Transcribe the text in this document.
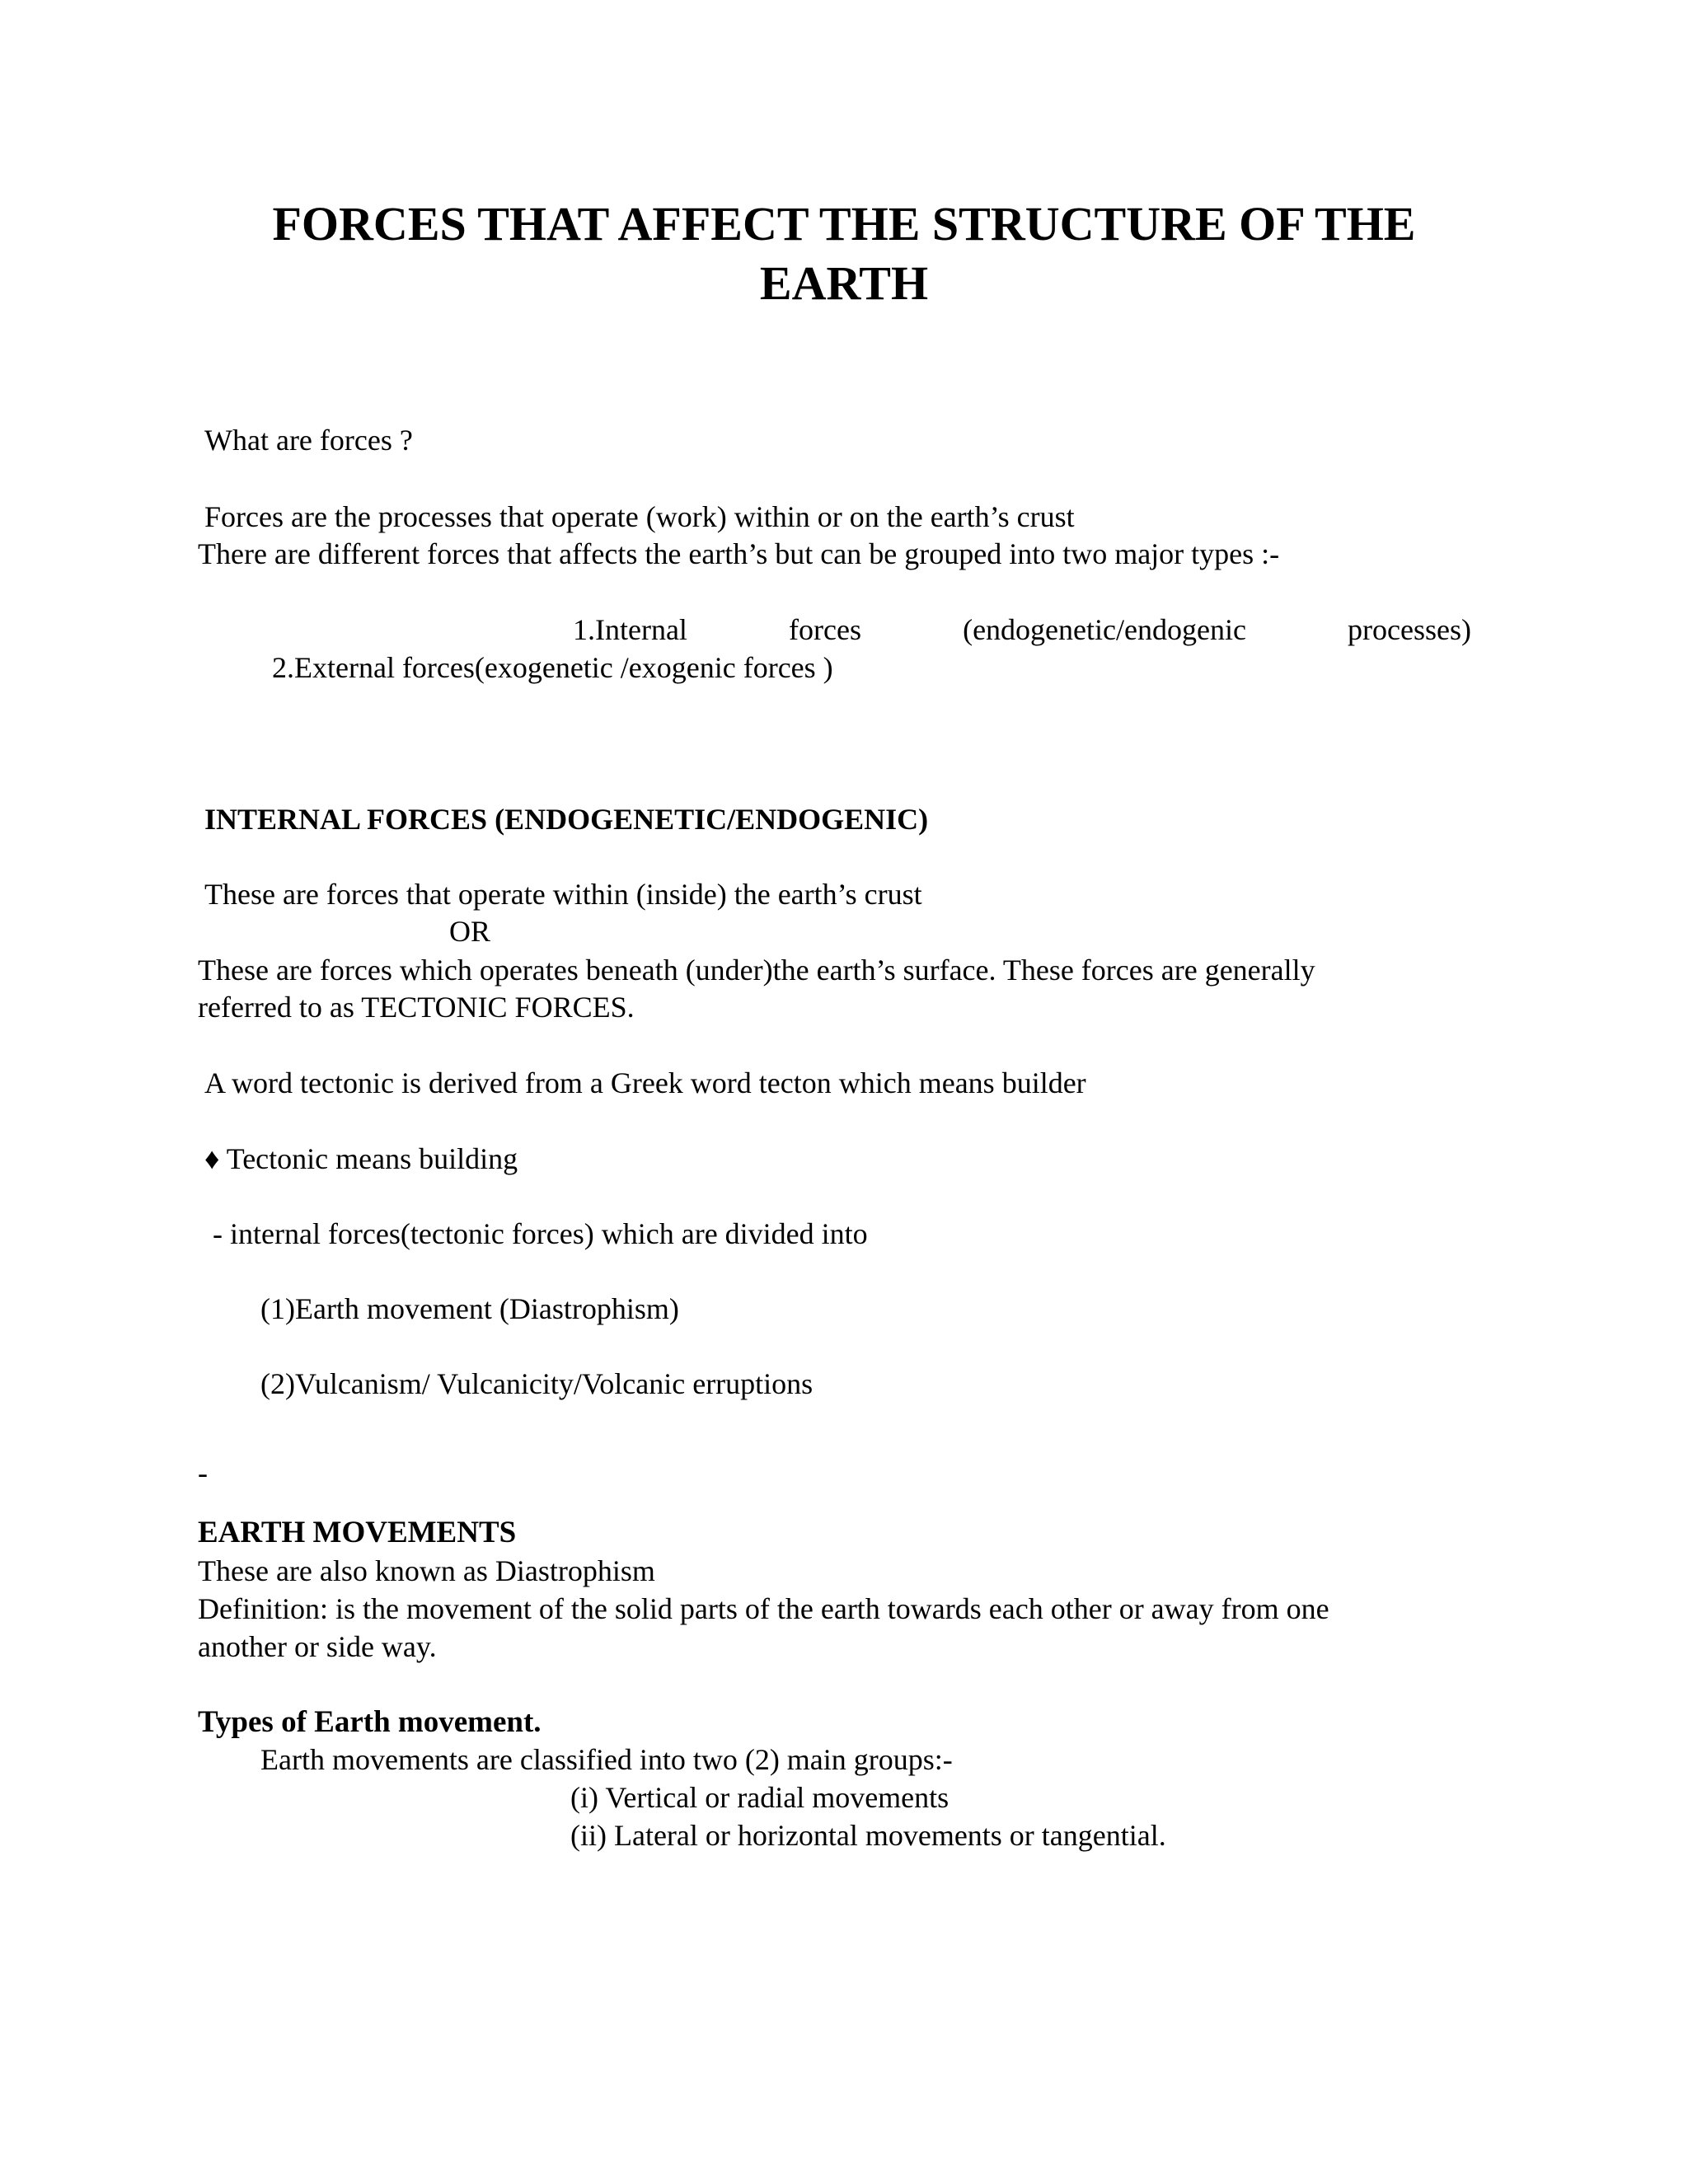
FORCES THAT AFFECT THE STRUCTURE OF THE
EARTH
What are forces ?
Forces are the processes that operate (work) within or on the earth’s crust
There are different forces that affects the earth’s but can be grouped into two major types :-
1.Internal	forces	(endogenetic/endogenic	processes)
2.External forces(exogenetic /exogenic forces )
INTERNAL FORCES (ENDOGENETIC/ENDOGENIC)
These are forces that operate within (inside) the earth’s crust
OR
These are forces which operates beneath (under)the earth’s surface. These forces are generally
referred to as TECTONIC FORCES.
A word tectonic is derived from a Greek word tecton which means builder
♦ Tectonic means building
- internal forces(tectonic forces) which are divided into
(1)Earth movement (Diastrophism)
(2)Vulcanism/ Vulcanicity/Volcanic erruptions
-
EARTH MOVEMENTS
These are also known as Diastrophism
Definition: is the movement of the solid parts of the earth towards each other or away from one
another or side way.
Types of Earth movement.
Earth movements are classified into two (2) main groups:-
(i) Vertical or radial movements
(ii) Lateral or horizontal movements or tangential.
